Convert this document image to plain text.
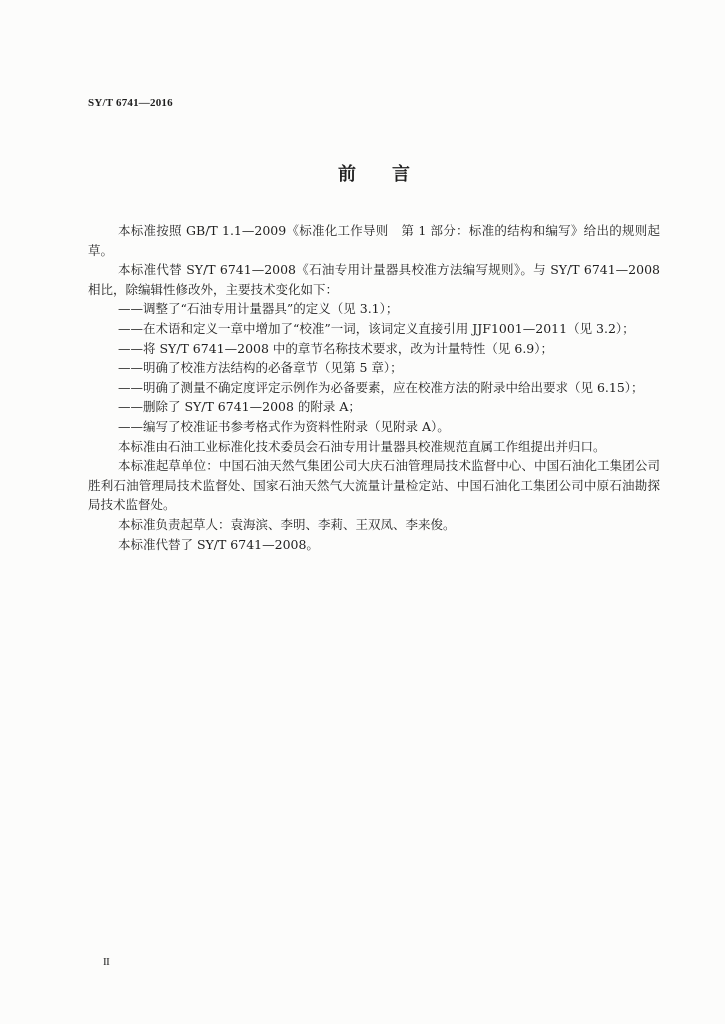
SY/T 6741—2016
前　　言

本标准按照 GB/T 1.1—2009《标准化工作导则　第 1 部分：标准的结构和编写》给出的规则起草。

本标准代替 SY/T 6741—2008《石油专用计量器具校准方法编写规则》。与 SY/T 6741—2008 相比，除编辑性修改外，主要技术变化如下：

——调整了“石油专用计量器具”的定义（见 3.1）；
——在术语和定义一章中增加了“校准”一词，该词定义直接引用 JJF1001—2011（见 3.2）；
——将 SY/T 6741—2008 中的章节名称技术要求，改为计量特性（见 6.9）；
——明确了校准方法结构的必备章节（见第 5 章）；
——明确了测量不确定度评定示例作为必备要素，应在校准方法的附录中给出要求（见 6.15）；
——删除了 SY/T 6741—2008 的附录 A；
——编写了校准证书参考格式作为资料性附录（见附录 A）。

本标准由石油工业标准化技术委员会石油专用计量器具校准规范直属工作组提出并归口。

本标准起草单位：中国石油天然气集团公司大庆石油管理局技术监督中心、中国石油化工集团公司胜利石油管理局技术监督处、国家石油天然气大流量计量检定站、中国石油化工集团公司中原石油勘探局技术监督处。

本标准负责起草人：袁海滨、李明、李莉、王双凤、李来俊。

本标准代替了 SY/T 6741—2008。

II
